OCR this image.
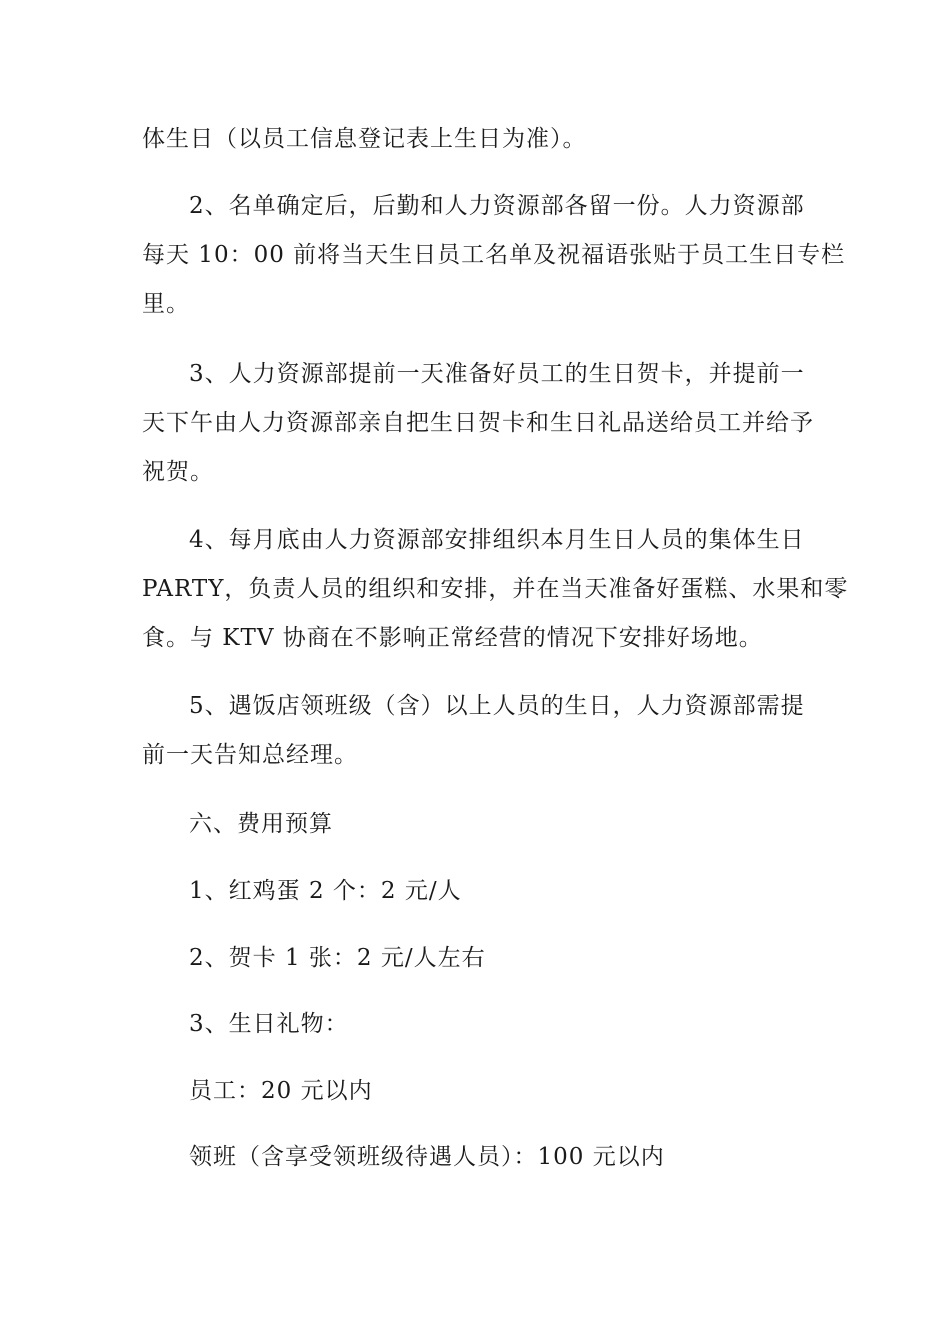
体生日（以员工信息登记表上生日为准）。
2、名单确定后，后勤和人力资源部各留一份。人力资源部
每天 10：00 前将当天生日员工名单及祝福语张贴于员工生日专栏
里。
3、人力资源部提前一天准备好员工的生日贺卡，并提前一
天下午由人力资源部亲自把生日贺卡和生日礼品送给员工并给予
祝贺。
4、每月底由人力资源部安排组织本月生日人员的集体生日
PARTY，负责人员的组织和安排，并在当天准备好蛋糕、水果和零
食。与 KTV 协商在不影响正常经营的情况下安排好场地。
5、遇饭店领班级（含）以上人员的生日，人力资源部需提
前一天告知总经理。
六、费用预算
1、红鸡蛋 2 个：2 元/人
2、贺卡 1 张：2 元/人左右
3、生日礼物：
员工：20 元以内
领班（含享受领班级待遇人员）：100 元以内
